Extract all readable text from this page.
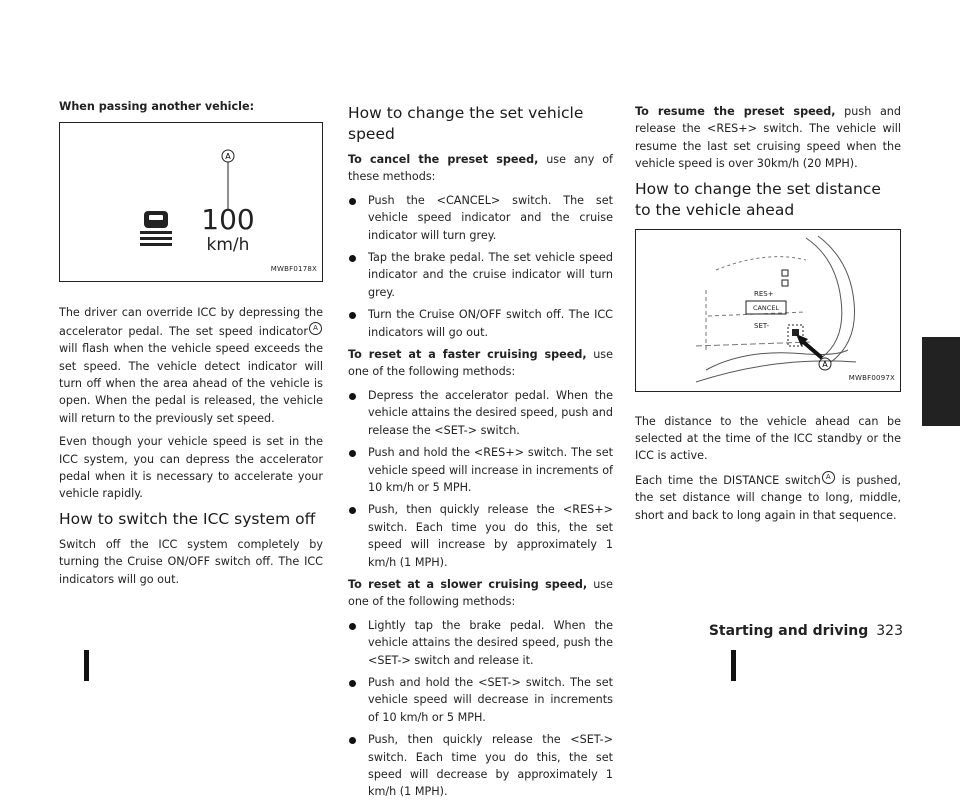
When passing another vehicle:

A
100
km/h
MWBF0178X

The driver can override ICC by depressing the accelerator pedal. The set speed indicator A will flash when the vehicle speed exceeds the set speed. The vehicle detect indicator will turn off when the area ahead of the vehicle is open. When the pedal is released, the vehicle will return to the previously set speed.

Even though your vehicle speed is set in the ICC system, you can depress the accelerator pedal when it is necessary to accelerate your vehicle rapidly.

How to switch the ICC system off

Switch off the ICC system completely by turning the Cruise ON/OFF switch off. The ICC indicators will go out.

How to change the set vehicle speed

To cancel the preset speed, use any of these methods:

Push the <CANCEL> switch. The set vehicle speed indicator and the cruise indicator will turn grey.
Tap the brake pedal. The set vehicle speed indicator and the cruise indicator will turn grey.
Turn the Cruise ON/OFF switch off. The ICC indicators will go out.

To reset at a faster cruising speed, use one of the following methods:

Depress the accelerator pedal. When the vehicle attains the desired speed, push and release the <SET-> switch.
Push and hold the <RES+> switch. The set vehicle speed will increase in increments of 10 km/h or 5 MPH.
Push, then quickly release the <RES+> switch. Each time you do this, the set speed will increase by approximately 1 km/h (1 MPH).

To reset at a slower cruising speed, use one of the following methods:

Lightly tap the brake pedal. When the vehicle attains the desired speed, push the <SET-> switch and release it.
Push and hold the <SET-> switch. The set vehicle speed will decrease in increments of 10 km/h or 5 MPH.
Push, then quickly release the <SET-> switch. Each time you do this, the set speed will decrease by approximately 1 km/h (1 MPH).

To resume the preset speed, push and release the <RES+> switch. The vehicle will resume the last set cruising speed when the vehicle speed is over 30km/h (20 MPH).

How to change the set distance to the vehicle ahead
RES+
CANCEL
SET-
A
MWBF0097X

The distance to the vehicle ahead can be selected at the time of the ICC standby or the ICC is active.

Each time the DISTANCE switch A is pushed, the set distance will change to long, middle, short and back to long again in that sequence.

Starting and driving 323
